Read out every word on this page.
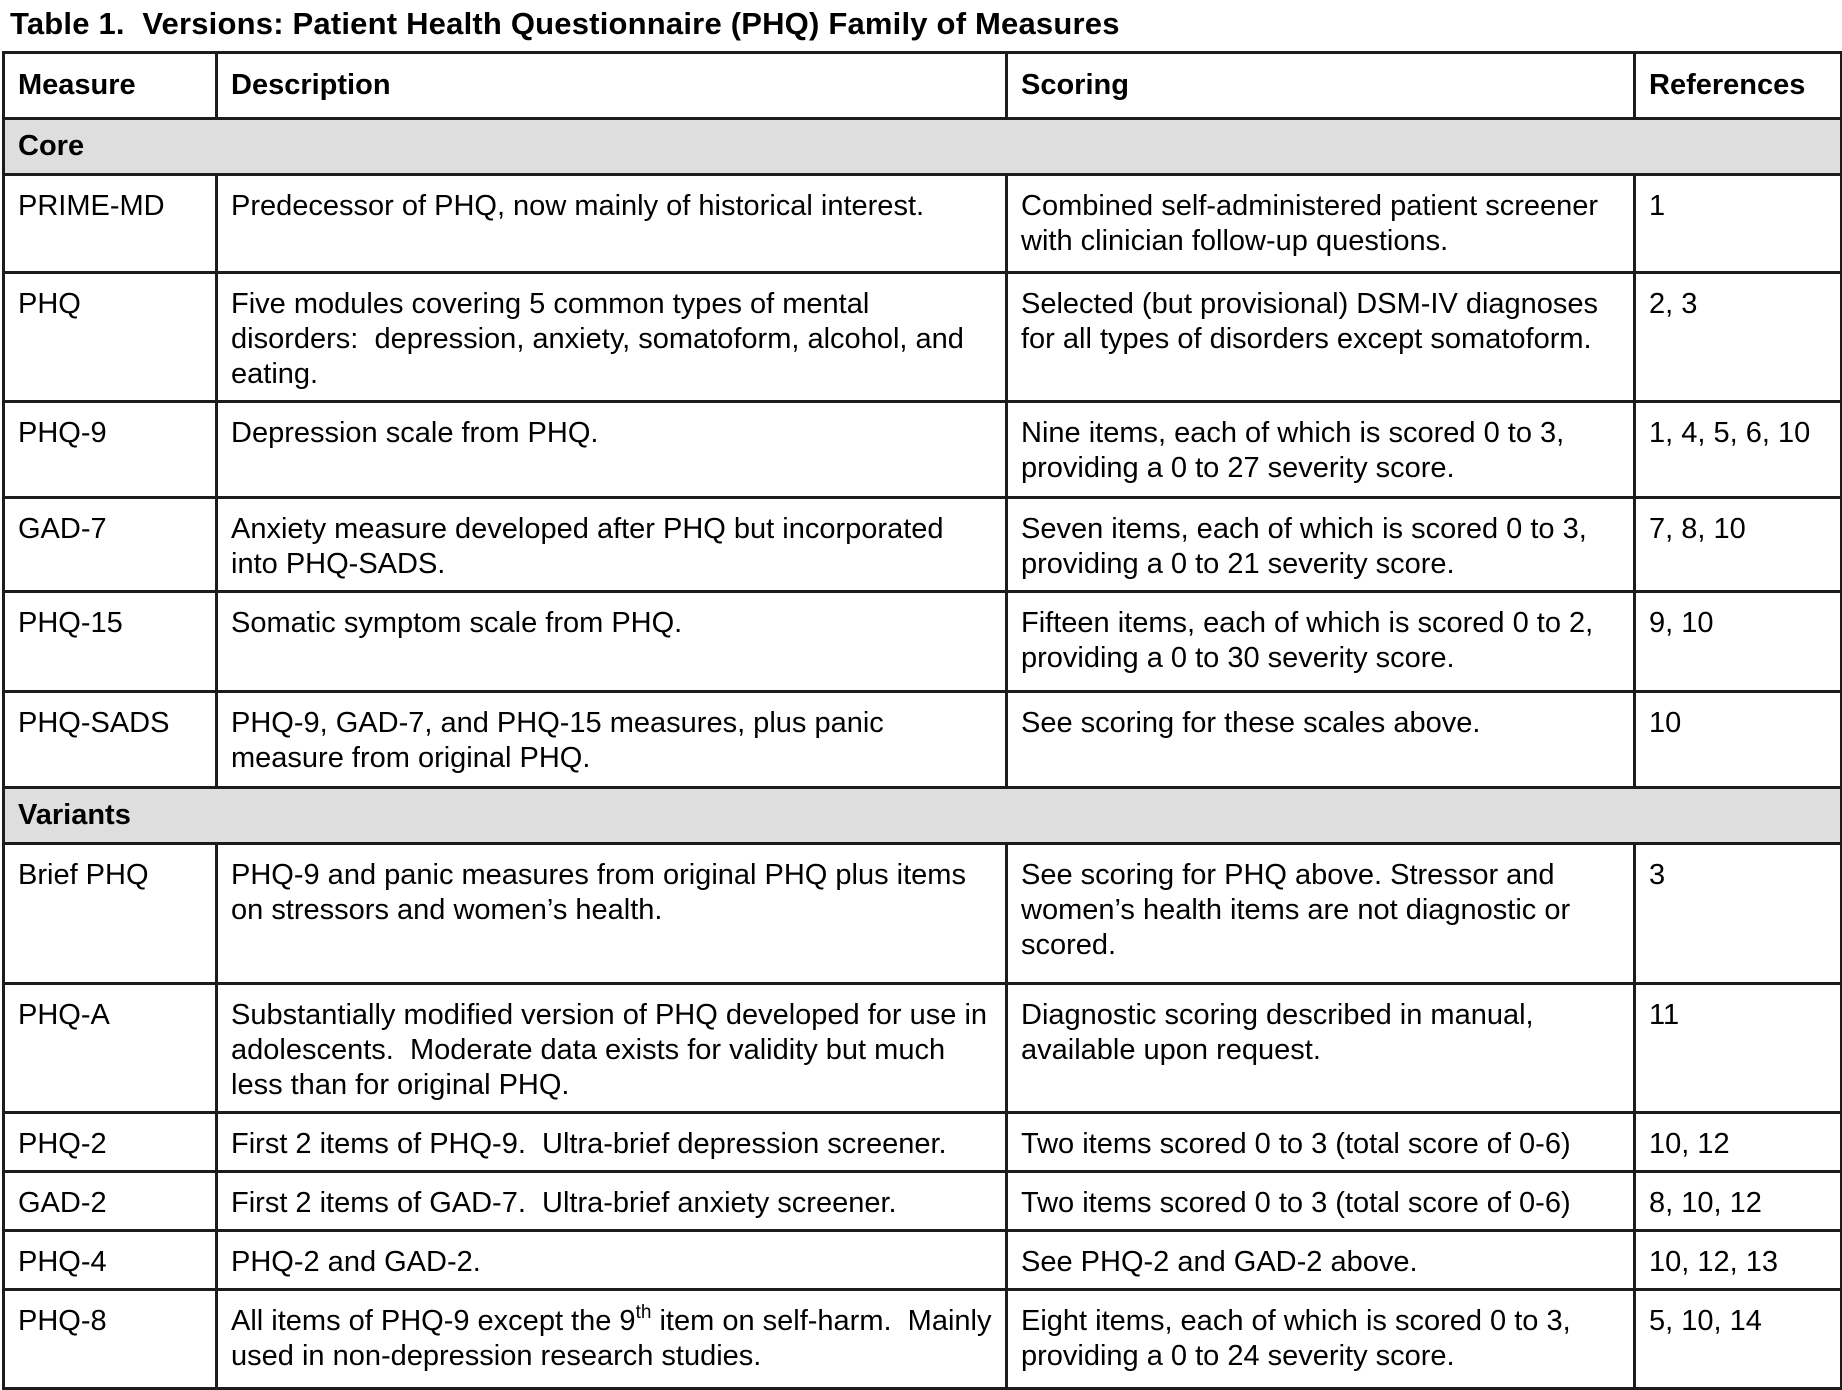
Table 1.  Versions: Patient Health Questionnaire (PHQ) Family of Measures
Measure	Description	Scoring	References
Core			
PRIME-MD	Predecessor of PHQ, now mainly of historical interest.	Combined self-administered patient screener with clinician follow-up questions.	1
PHQ	Five modules covering 5 common types of mental disorders:  depression, anxiety, somatoform, alcohol, and eating.	Selected (but provisional) DSM-IV diagnoses for all types of disorders except somatoform.	2, 3
PHQ-9	Depression scale from PHQ.	Nine items, each of which is scored 0 to 3, providing a 0 to 27 severity score.	1, 4, 5, 6, 10
GAD-7	Anxiety measure developed after PHQ but incorporated into PHQ-SADS.	Seven items, each of which is scored 0 to 3, providing a 0 to 21 severity score.	7, 8, 10
PHQ-15	Somatic symptom scale from PHQ.	Fifteen items, each of which is scored 0 to 2, providing a 0 to 30 severity score.	9, 10
PHQ-SADS	PHQ-9, GAD-7, and PHQ-15 measures, plus panic measure from original PHQ.	See scoring for these scales above.	10
Variants			
Brief PHQ	PHQ-9 and panic measures from original PHQ plus items on stressors and women’s health.	See scoring for PHQ above. Stressor and women’s health items are not diagnostic or scored.	3
PHQ-A	Substantially modified version of PHQ developed for use in adolescents.  Moderate data exists for validity but much less than for original PHQ.	Diagnostic scoring described in manual, available upon request.	11
PHQ-2	First 2 items of PHQ-9.  Ultra-brief depression screener.	Two items scored 0 to 3 (total score of 0-6)	10, 12
GAD-2	First 2 items of GAD-7.  Ultra-brief anxiety screener.	Two items scored 0 to 3 (total score of 0-6)	8, 10, 12
PHQ-4	PHQ-2 and GAD-2.	See PHQ-2 and GAD-2 above.	10, 12, 13
PHQ-8	All items of PHQ-9 except the 9th item on self-harm.  Mainly used in non-depression research studies.	Eight items, each of which is scored 0 to 3, providing a 0 to 24 severity score.	5, 10, 14
